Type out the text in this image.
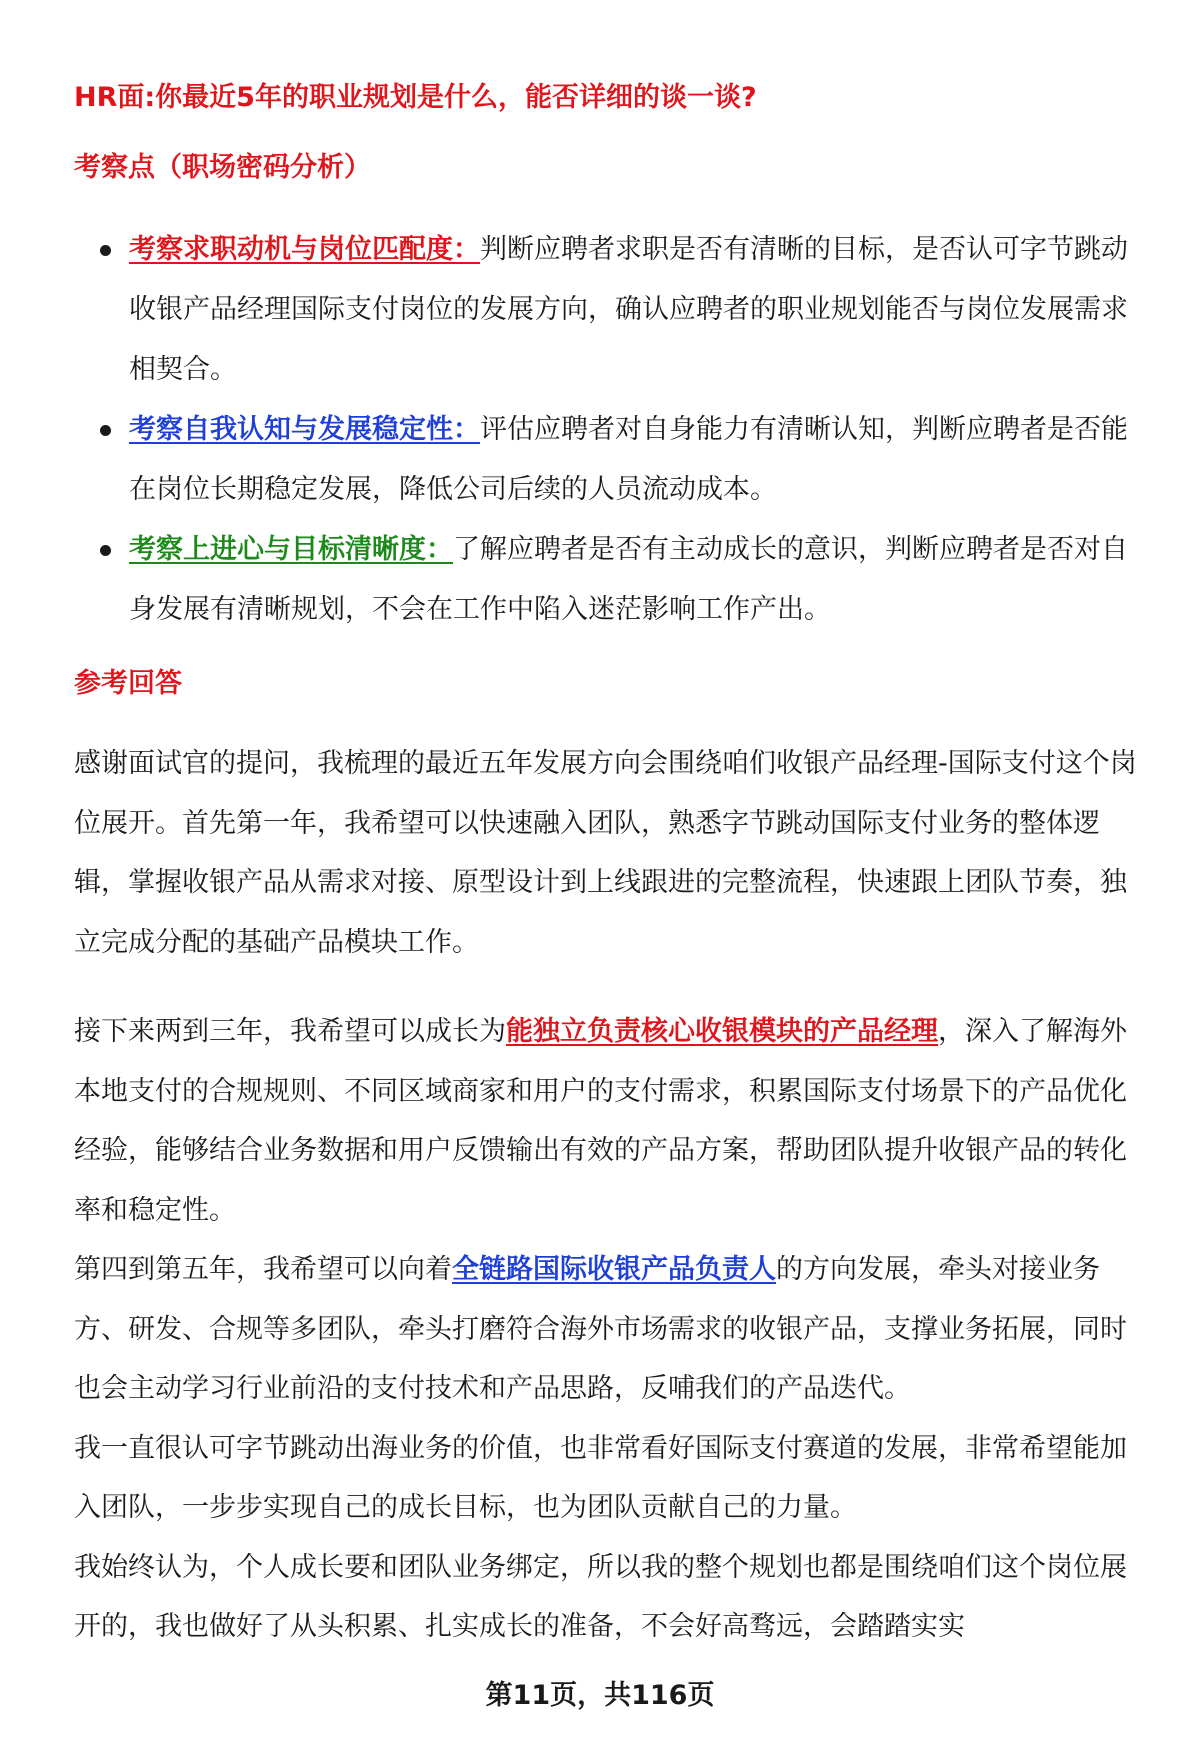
HR面:你最近5年的职业规划是什么，能否详细的谈一谈?
考察点（职场密码分析）
考察求职动机与岗位匹配度：判断应聘者求职是否有清晰的目标，是否认可字节跳动收银产品经理国际支付岗位的发展方向，确认应聘者的职业规划能否与岗位发展需求相契合。
考察自我认知与发展稳定性：评估应聘者对自身能力有清晰认知，判断应聘者是否能在岗位长期稳定发展，降低公司后续的人员流动成本。
考察上进心与目标清晰度：了解应聘者是否有主动成长的意识，判断应聘者是否对自身发展有清晰规划，不会在工作中陷入迷茫影响工作产出。
参考回答

感谢面试官的提问，我梳理的最近五年发展方向会围绕咱们收银产品经理-国际支付这个岗位展开。首先第一年，我希望可以快速融入团队，熟悉字节跳动国际支付业务的整体逻辑，掌握收银产品从需求对接、原型设计到上线跟进的完整流程，快速跟上团队节奏，独立完成分配的基础产品模块工作。

接下来两到三年，我希望可以成长为能独立负责核心收银模块的产品经理，深入了解海外本地支付的合规规则、不同区域商家和用户的支付需求，积累国际支付场景下的产品优化经验，能够结合业务数据和用户反馈输出有效的产品方案，帮助团队提升收银产品的转化率和稳定性。

第四到第五年，我希望可以向着全链路国际收银产品负责人的方向发展，牵头对接业务方、研发、合规等多团队，牵头打磨符合海外市场需求的收银产品，支撑业务拓展，同时也会主动学习行业前沿的支付技术和产品思路，反哺我们的产品迭代。

我一直很认可字节跳动出海业务的价值，也非常看好国际支付赛道的发展，非常希望能加入团队，一步步实现自己的成长目标，也为团队贡献自己的力量。

我始终认为，个人成长要和团队业务绑定，所以我的整个规划也都是围绕咱们这个岗位展开的，我也做好了从头积累、扎实成长的准备，不会好高骛远，会踏踏实实

第11页，共116页
